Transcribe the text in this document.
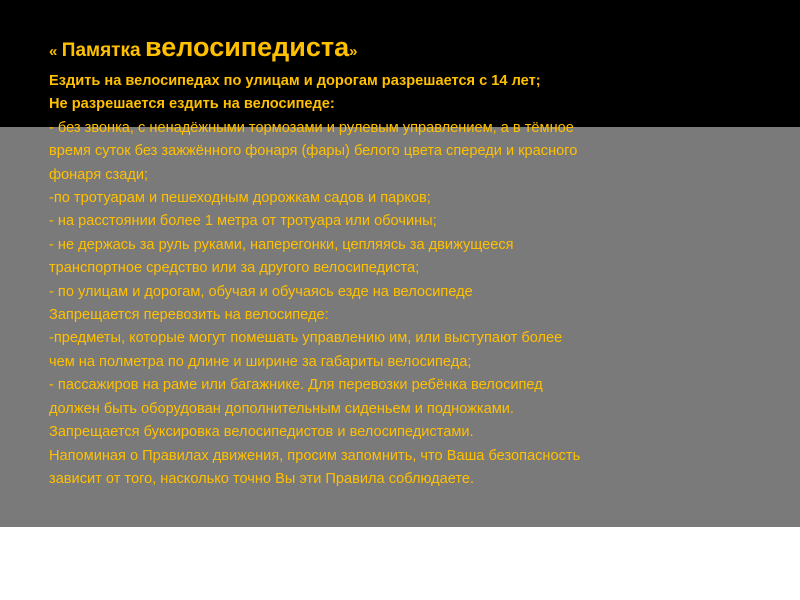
« Памятка велосипедиста»

Ездить на велосипедах по улицам и дорогам разрешается с 14 лет;

Не разрешается ездить на велосипеде:

- без звонка, с ненадёжными тормозами и рулевым управлением, а в тёмное

время суток без зажжённого фонаря (фары) белого цвета спереди и красного

фонаря сзади;

-по тротуарам и пешеходным дорожкам садов и парков;

- на расстоянии более 1 метра от тротуара или обочины;

- не держась за руль руками, наперегонки, цепляясь за движущееся

транспортное средство или за другого велосипедиста;

- по улицам и дорогам, обучая и обучаясь езде на велосипеде

Запрещается перевозить на велосипеде:

-предметы, которые могут помешать управлению им, или выступают более

чем на полметра по длине и ширине за габариты велосипеда;

- пассажиров на раме или багажнике. Для перевозки ребёнка велосипед

должен быть оборудован дополнительным сиденьем и подножками.

Запрещается буксировка велосипедистов и велосипедистами.

Напоминая о Правилах движения, просим запомнить, что Ваша безопасность

зависит от того, насколько точно Вы эти Правила соблюдаете.
